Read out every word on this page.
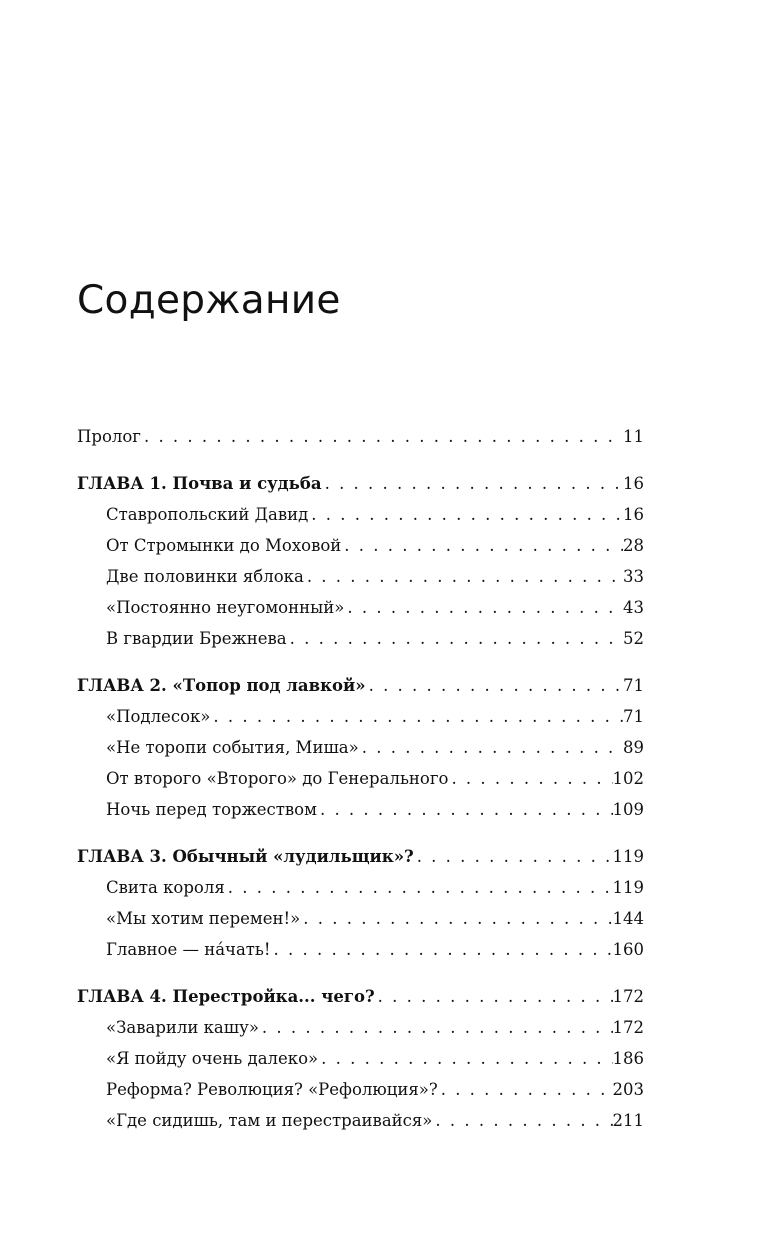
Содержание
Пролог . . .	11
ГЛАВА 1. Почва и судьба . . .	16
Ставропольский Давид . . .	16
От Стромынки до Моховой . . .	28
Две половинки яблока . . .	33
«Постоянно неугомонный» . . .	43
В гвардии Брежнева . . .	52
ГЛАВА 2. «Топор под лавкой» . . .	71
«Подлесок» . . .	71
«Не торопи события, Миша» . . .	89
От второго «Второго» до Генерального . . .	102
Ночь перед торжеством . . .	109
ГЛАВА 3. Обычный «лудильщик»? . . .	119
Свита короля . . .	119
«Мы хотим перемен!» . . .	144
Главное — на́чать! . . .	160
ГЛАВА 4. Перестройка... чего? . . .	172
«Заварили кашу» . . .	172
«Я пойду очень далеко» . . .	186
Реформа? Революция? «Рефолюция»? . . .	203
«Где сидишь, там и перестраивайся» . . .	211
